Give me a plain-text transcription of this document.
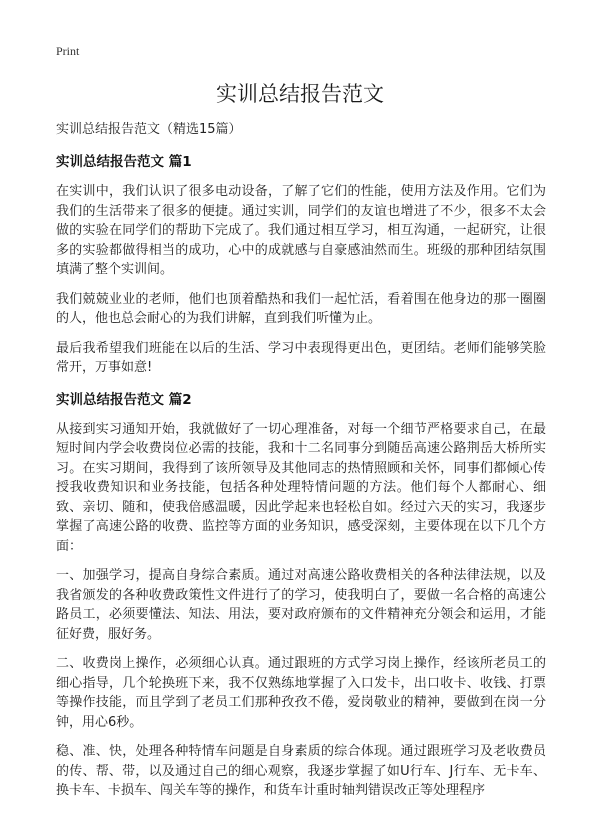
Print
实训总结报告范文

实训总结报告范文（精选15篇）

实训总结报告范文 篇1

在实训中，我们认识了很多电动设备，了解了它们的性能，使用方法及作用。它们为我们的生活带来了很多的便捷。通过实训，同学们的友谊也增进了不少，很多不太会做的实验在同学们的帮助下完成了。我们通过相互学习，相互沟通，一起研究，让很多的实验都做得相当的成功，心中的成就感与自豪感油然而生。班级的那种团结氛围填满了整个实训间。

我们兢兢业业的老师，他们也顶着酷热和我们一起忙活，看着围在他身边的那一圈圈的人，他也总会耐心的为我们讲解，直到我们听懂为止。

最后我希望我们班能在以后的生活、学习中表现得更出色，更团结。老师们能够笑脸常开，万事如意!

实训总结报告范文 篇2

从接到实习通知开始，我就做好了一切心理准备，对每一个细节严格要求自己，在最短时间内学会收费岗位必需的技能，我和十二名同事分到随岳高速公路荆岳大桥所实习。在实习期间，我得到了该所领导及其他同志的热情照顾和关怀，同事们都倾心传授我收费知识和业务技能，包括各种处理特情问题的方法。他们每个人都耐心、细致、亲切、随和，使我倍感温暖，因此学起来也轻松自如。经过六天的实习，我逐步掌握了高速公路的收费、监控等方面的业务知识，感受深刻，主要体现在以下几个方面：

一、加强学习，提高自身综合素质。通过对高速公路收费相关的各种法律法规，以及我省颁发的各种收费政策性文件进行了的学习，使我明白了，要做一名合格的高速公路员工，必须要懂法、知法、用法，要对政府颁布的文件精神充分领会和运用，才能征好费，服好务。

二、收费岗上操作，必须细心认真。通过跟班的方式学习岗上操作，经该所老员工的细心指导，几个轮换班下来，我不仅熟练地掌握了入口发卡，出口收卡、收钱、打票等操作技能，而且学到了老员工们那种孜孜不倦，爱岗敬业的精神，要做到在岗一分钟，用心6秒。

稳、准、快，处理各种特情车问题是自身素质的综合体现。通过跟班学习及老收费员的传、帮、带，以及通过自己的细心观察，我逐步掌握了如U行车、J行车、无卡车、换卡车、卡损车、闯关车等的操作，和货车计重时轴判错误改正等处理程序
